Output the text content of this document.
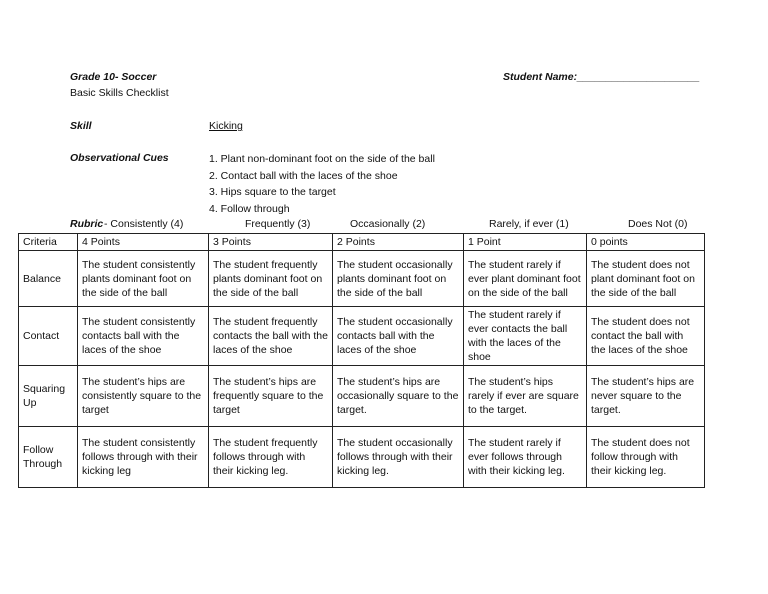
Grade 10- Soccer
Basic Skills Checklist
Student Name:_____________________
Skill	Kicking
Observational Cues	1. Plant non-dominant foot on the side of the ball
2. Contact ball with the laces of the shoe
3. Hips square to the target
4. Follow through
Rubric - Consistently (4)	Frequently (3)	Occasionally (2)	Rarely, if ever (1)	Does Not (0)
Criteria	4 Points	3 Points	2 Points	1 Point	0 points
Balance	The student consistently plants dominant foot on the side of the ball	The student frequently plants dominant foot on the side of the ball	The student occasionally plants dominant foot on the side of the ball	The student rarely if ever plant dominant foot on the side of the ball	The student does not plant dominant foot on the side of the ball
Contact	The student consistently contacts ball with the laces of the shoe	The student frequently contacts the ball with the laces of the shoe	The student occasionally contacts ball with the laces of the shoe	The student rarely if ever contacts the ball with the laces of the shoe	The student does not contact the ball with the laces of the shoe
Squaring Up	The student’s hips are consistently square to the target	The student’s hips are frequently square to the target	The student’s hips are occasionally square to the target.	The student’s hips rarely if ever are square to the target.	The student’s hips are never square to the target.
Follow Through	The student consistently follows through with their kicking leg	The student frequently follows through with their kicking leg.	The student occasionally follows through with their kicking leg.	The student rarely if ever follows through with their kicking leg.	The student does not follow through with their kicking leg.
